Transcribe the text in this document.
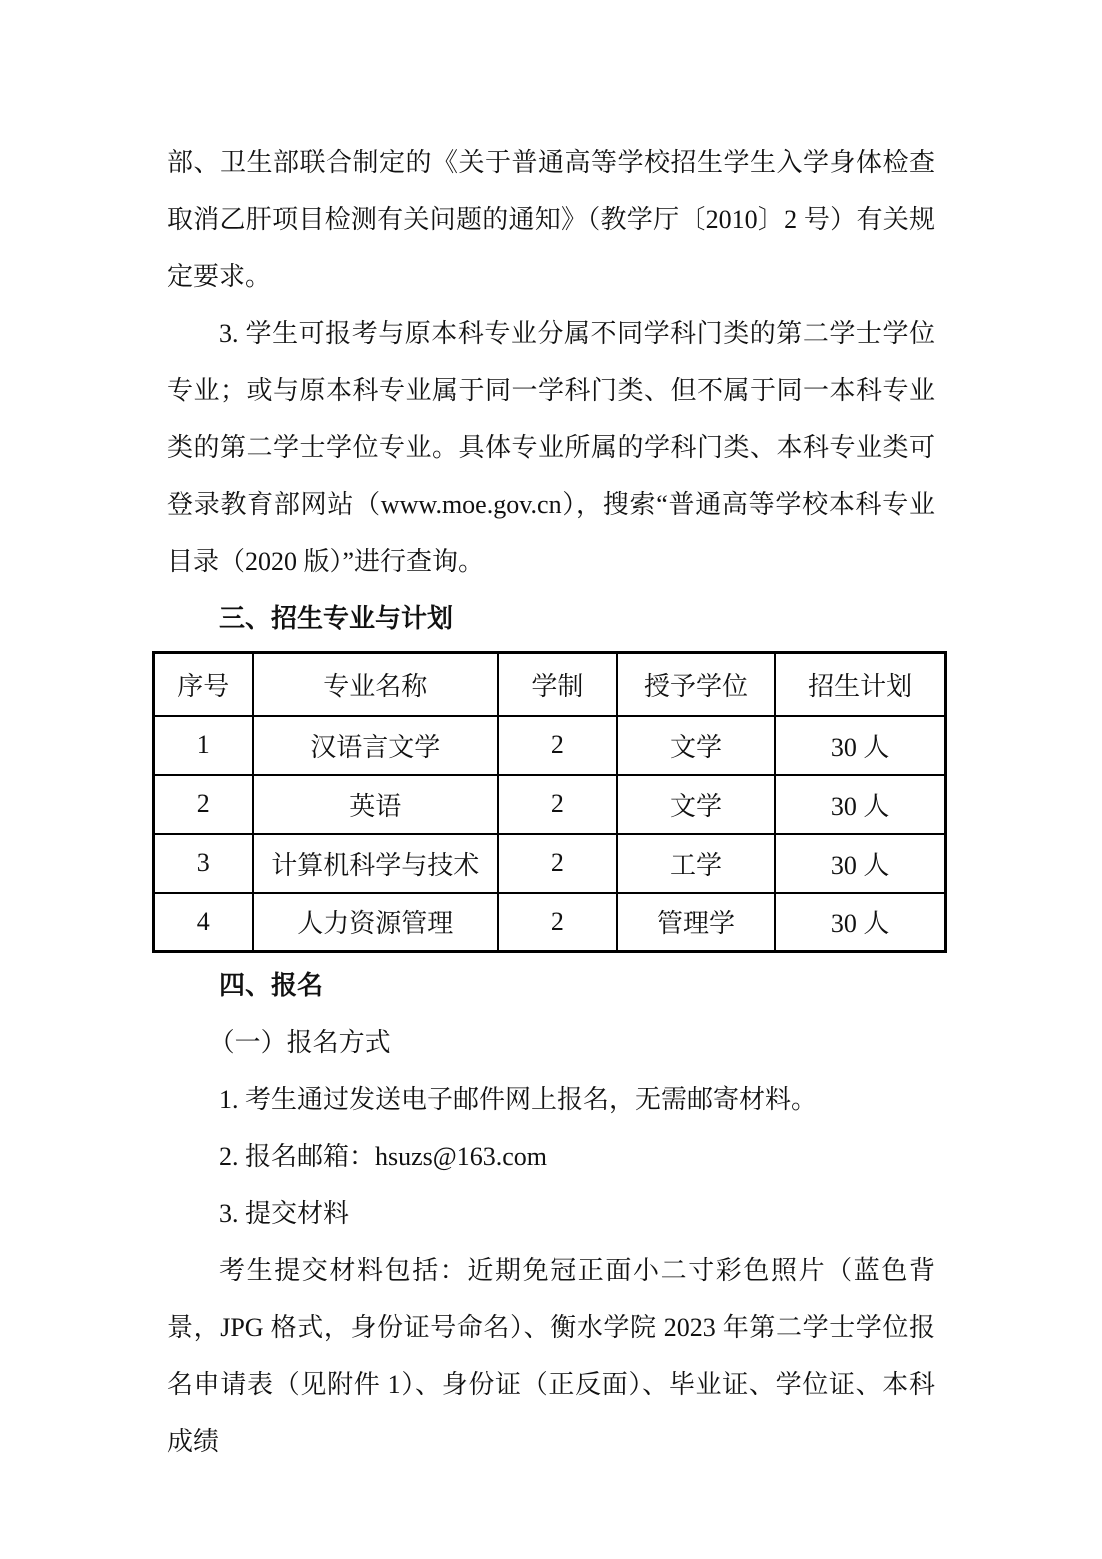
部、卫生部联合制定的《关于普通高等学校招生学生入学身体检查取消乙肝项目检测有关问题的通知》（教学厅〔2010〕2 号）有关规定要求。

3. 学生可报考与原本科专业分属不同学科门类的第二学士学位专业；或与原本科专业属于同一学科门类、但不属于同一本科专业类的第二学士学位专业。具体专业所属的学科门类、本科专业类可登录教育部网站（www.moe.gov.cn），搜索“普通高等学校本科专业目录（2020 版）”进行查询。

三、招生专业与计划
序号	专业名称	学制	授予学位	招生计划
1	汉语言文学	2	文学	30 人
2	英语	2	文学	30 人
3	计算机科学与技术	2	工学	30 人
4	人力资源管理	2	管理学	30 人
四、报名

（一）报名方式

1. 考生通过发送电子邮件网上报名，无需邮寄材料。

2. 报名邮箱：hsuzs@163.com

3. 提交材料

考生提交材料包括：近期免冠正面小二寸彩色照片（蓝色背景，JPG 格式，身份证号命名）、衡水学院 2023 年第二学士学位报名申请表（见附件 1）、身份证（正反面）、毕业证、学位证、本科成绩
